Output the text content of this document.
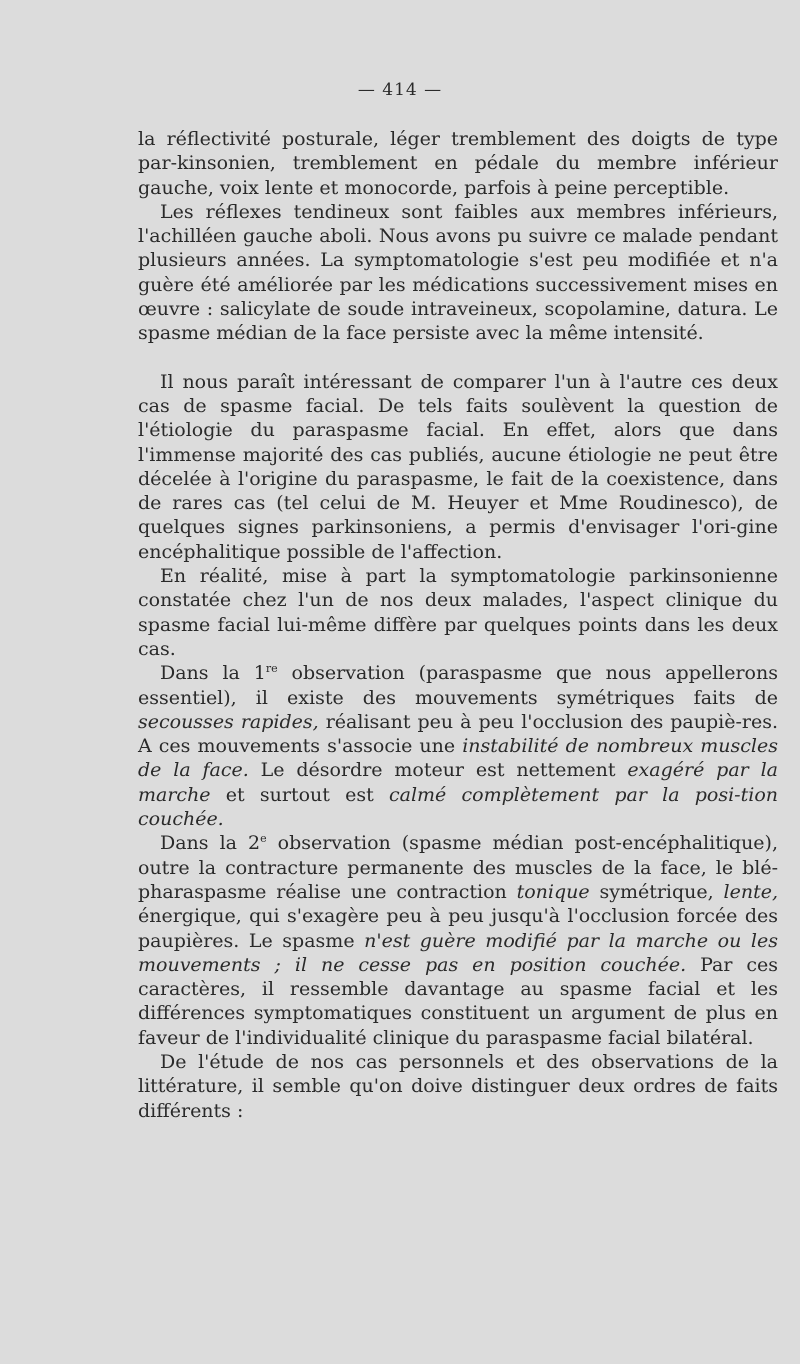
— 414 —

la réflectivité posturale, léger tremblement des doigts de type par-kinsonien, tremblement en pédale du membre inférieur gauche, voix lente et monocorde, parfois à peine perceptible.

Les réflexes tendineux sont faibles aux membres inférieurs, l'achilléen gauche aboli. Nous avons pu suivre ce malade pendant plusieurs années. La symptomatologie s'est peu modifiée et n'a guère été améliorée par les médications successivement mises en œuvre : salicylate de soude intraveineux, scopolamine, datura. Le spasme médian de la face persiste avec la même intensité.

Il nous paraît intéressant de comparer l'un à l'autre ces deux cas de spasme facial. De tels faits soulèvent la question de l'étiologie du paraspasme facial. En effet, alors que dans l'immense majorité des cas publiés, aucune étiologie ne peut être décelée à l'origine du paraspasme, le fait de la coexistence, dans de rares cas (tel celui de M. Heuyer et Mme Roudinesco), de quelques signes parkinsoniens, a permis d'envisager l'ori-gine encéphalitique possible de l'affection.

En réalité, mise à part la symptomatologie parkinsonienne constatée chez l'un de nos deux malades, l'aspect clinique du spasme facial lui-même diffère par quelques points dans les deux cas.

Dans la 1re observation (paraspasme que nous appellerons essentiel), il existe des mouvements symétriques faits de secousses rapides, réalisant peu à peu l'occlusion des paupiè-res. A ces mouvements s'associe une instabilité de nombreux muscles de la face. Le désordre moteur est nettement exagéré par la marche et surtout est calmé complètement par la posi-tion couchée.

Dans la 2e observation (spasme médian post-encéphalitique), outre la contracture permanente des muscles de la face, le blé-pharaspasme réalise une contraction tonique symétrique, lente, énergique, qui s'exagère peu à peu jusqu'à l'occlusion forcée des paupières. Le spasme n'est guère modifié par la marche ou les mouvements ; il ne cesse pas en position couchée. Par ces caractères, il ressemble davantage au spasme facial et les différences symptomatiques constituent un argument de plus en faveur de l'individualité clinique du paraspasme facial bilatéral.

De l'étude de nos cas personnels et des observations de la littérature, il semble qu'on doive distinguer deux ordres de faits différents :
